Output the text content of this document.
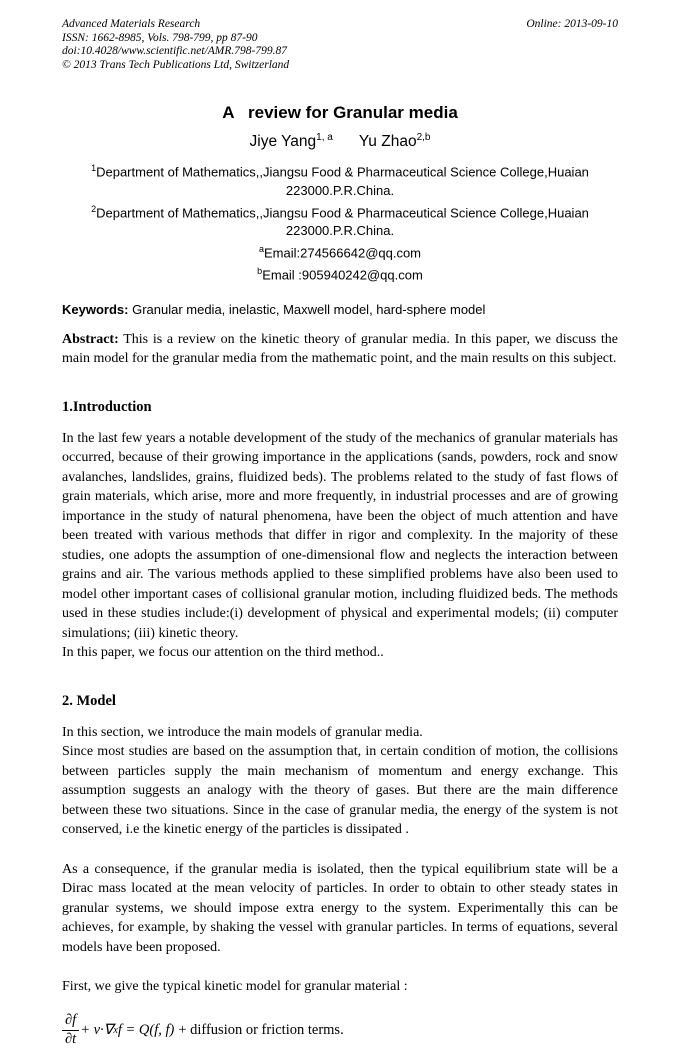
Advanced Materials Research
ISSN: 1662-8985, Vols. 798-799, pp 87-90
doi:10.4028/www.scientific.net/AMR.798-799.87
© 2013 Trans Tech Publications Ltd, Switzerland
Online: 2013-09-10
A   review for Granular media
Jiye Yang$^{1, a}$ Yu Zhao$^{2,b}$
$^1$Department of Mathematics,,Jiangsu Food & Pharmaceutical Science College,Huaian
223000.P.R.China.
$^2$Department of Mathematics,,Jiangsu Food & Pharmaceutical Science College,Huaian
223000.P.R.China.
$^a$Email:274566642@qq.com
$^b$Email :905940242@qq.com
Keywords: Granular media, inelastic, Maxwell model, hard-sphere model

Abstract: This is a review on the kinetic theory of granular media. In this paper, we discuss the main model for the granular media from the mathematic point, and the main results on this subject.

1.Introduction

In the last few years a notable development of the study of the mechanics of granular materials has occurred, because of their growing importance in the applications (sands, powders, rock and snow avalanches, landslides, grains, fluidized beds). The problems related to the study of fast flows of grain materials, which arise, more and more frequently, in industrial processes and are of growing importance in the study of natural phenomena, have been the object of much attention and have been treated with various methods that differ in rigor and complexity. In the majority of these studies, one adopts the assumption of one-dimensional flow and neglects the interaction between grains and air. The various methods applied to these simplified problems have also been used to model other important cases of collisional granular motion, including fluidized beds. The methods used in these studies include:(i) development of physical and experimental models; (ii) computer simulations; (iii) kinetic theory.

In this paper, we focus our attention on the third method..

2. Model

In this section, we introduce the main models of granular media.

Since most studies are based on the assumption that, in certain condition of motion, the collisions between particles supply the main mechanism of momentum and energy exchange. This assumption suggests an analogy with the theory of gases. But there are the main difference between these two situations. Since in the case of granular media, the energy of the system is not conserved, i.e the kinetic energy of the particles is dissipated .

As a consequence, if the granular media is isolated, then the typical equilibrium state will be a Dirac mass located at the mean velocity of particles. In order to obtain to other steady states in granular systems, we should impose extra energy to the system. Experimentally this can be achieves, for example, by shaking the vessel with granular particles. In terms of equations, several models have been proposed.

First, we give the typical kinetic model for granular material :

$\frac{\partial f}{\partial t} + v\cdot\nabla$ x f = Q(f, f) + diffusion or friction terms.
